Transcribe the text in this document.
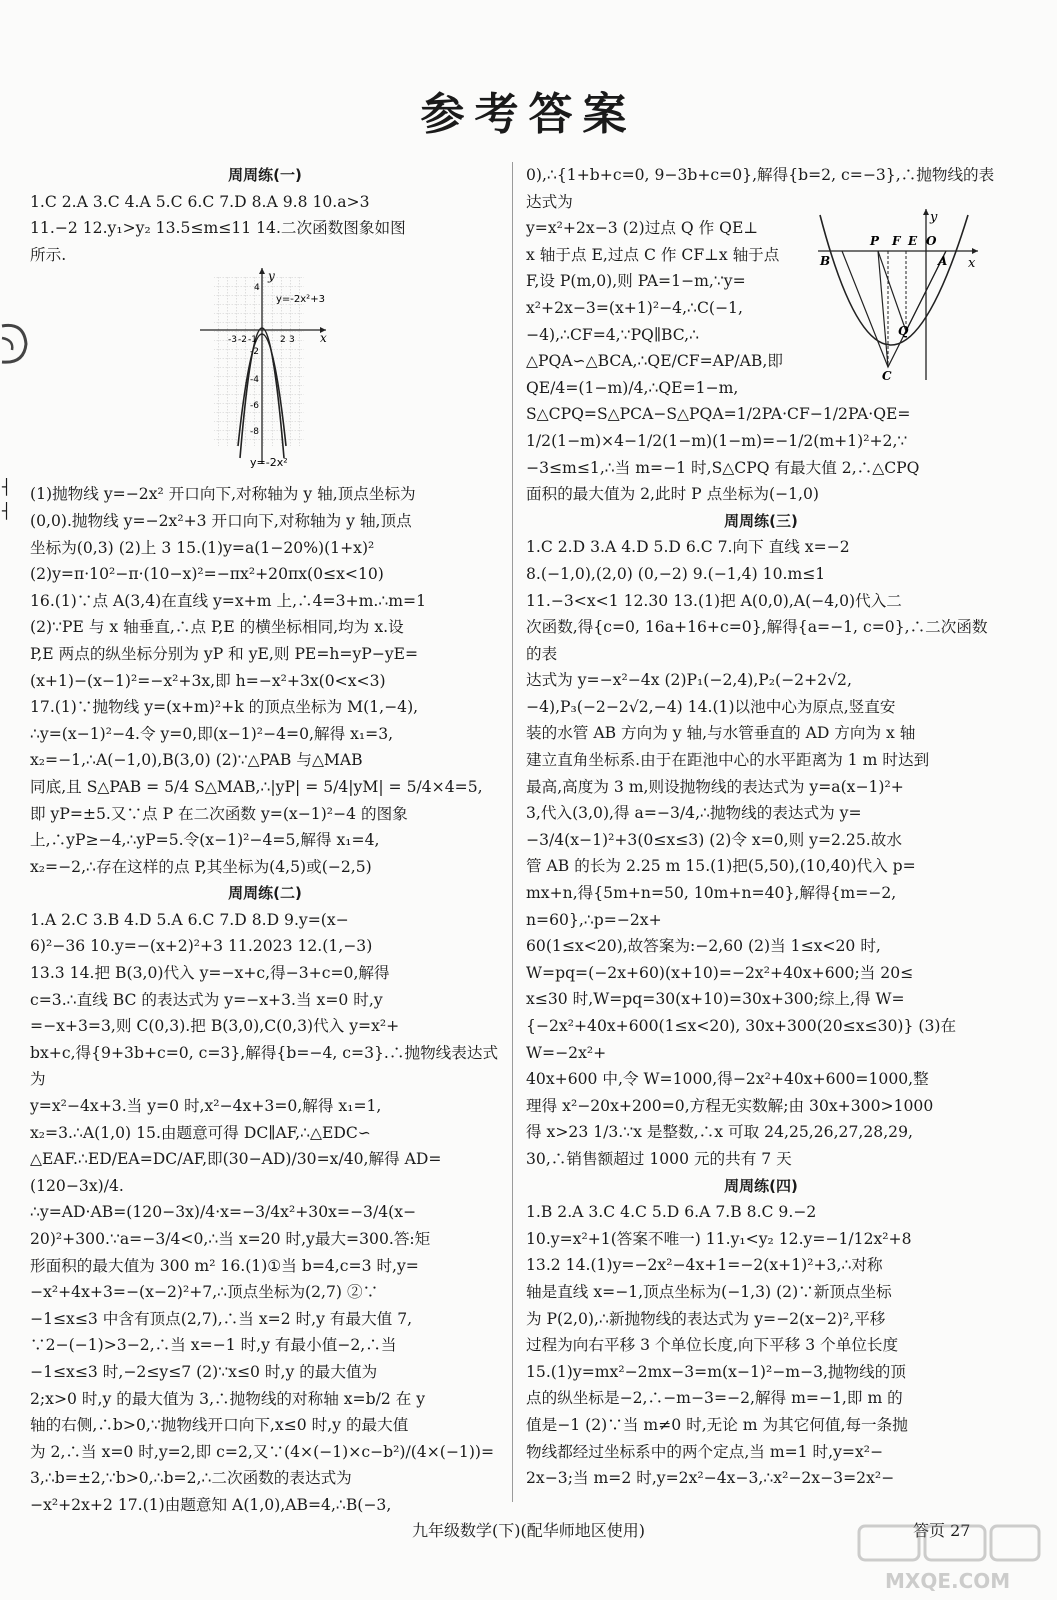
参考答案
┤
┤

周周练(一)

1.C 2.A 3.C 4.A 5.C 6.C 7.D 8.A 9.8 10.a>3

11.−2 12.y₁>y₂ 13.5≤m≤11 14.二次函数图象如图

所示.

(1)抛物线 y=−2x² 开口向下,对称轴为 y 轴,顶点坐标为

(0,0).抛物线 y=−2x²+3 开口向下,对称轴为 y 轴,顶点

坐标为(0,3) (2)上 3 15.(1)y=a(1−20%)(1+x)²

(2)y=π·10²−π·(10−x)²=−πx²+20πx(0≤x<10)

16.(1)∵点 A(3,4)在直线 y=x+m 上,∴4=3+m.∴m=1

(2)∵PE 与 x 轴垂直,∴点 P,E 的横坐标相同,均为 x.设

P,E 两点的纵坐标分别为 yP 和 yE,则 PE=h=yP−yE=

(x+1)−(x−1)²=−x²+3x,即 h=−x²+3x(0<x<3)

17.(1)∵抛物线 y=(x+m)²+k 的顶点坐标为 M(1,−4),

∴y=(x−1)²−4.令 y=0,即(x−1)²−4=0,解得 x₁=3,

x₂=−1,∴A(−1,0),B(3,0) (2)∵△PAB 与△MAB

同底,且 S△PAB = 5/4 S△MAB,∴|yP| = 5/4|yM| = 5/4×4=5,

即 yP=±5.又∵点 P 在二次函数 y=(x−1)²−4 的图象

上,∴yP≥−4,∴yP=5.令(x−1)²−4=5,解得 x₁=4,

x₂=−2,∴存在这样的点 P,其坐标为(4,5)或(−2,5)

周周练(二)

1.A 2.C 3.B 4.D 5.A 6.C 7.D 8.D 9.y=(x−

6)²−36 10.y=−(x+2)²+3 11.2023 12.(1,−3)

13.3 14.把 B(3,0)代入 y=−x+c,得−3+c=0,解得

c=3.∴直线 BC 的表达式为 y=−x+3.当 x=0 时,y

=−x+3=3,则 C(0,3).把 B(3,0),C(0,3)代入 y=x²+

bx+c,得{9+3b+c=0, c=3},解得{b=−4, c=3}.∴抛物线表达式为

y=x²−4x+3.当 y=0 时,x²−4x+3=0,解得 x₁=1,

x₂=3.∴A(1,0) 15.由题意可得 DC∥AF,∴△EDC∽

△EAF.∴ED/EA=DC/AF,即(30−AD)/30=x/40,解得 AD=(120−3x)/4.

∴y=AD·AB=(120−3x)/4·x=−3/4x²+30x=−3/4(x−

20)²+300.∵a=−3/4<0,∴当 x=20 时,y最大=300.答:矩

形面积的最大值为 300 m² 16.(1)①当 b=4,c=3 时,y=

−x²+4x+3=−(x−2)²+7,∴顶点坐标为(2,7) ②∵

−1≤x≤3 中含有顶点(2,7),∴当 x=2 时,y 有最大值 7,

∵2−(−1)>3−2,∴当 x=−1 时,y 有最小值−2,∴当

−1≤x≤3 时,−2≤y≤7 (2)∵x≤0 时,y 的最大值为

2;x>0 时,y 的最大值为 3,∴抛物线的对称轴 x=b/2 在 y

轴的右侧,∴b>0,∵抛物线开口向下,x≤0 时,y 的最大值

为 2,∴当 x=0 时,y=2,即 c=2,又∵(4×(−1)×c−b²)/(4×(−1))=

3,∴b=±2,∵b>0,∴b=2,∴二次函数的表达式为

−x²+2x+2 17.(1)由题意知 A(1,0),AB=4,∴B(−3,

y
x
y=-2x²+3
y=-2x²
-3 -2 -1	2 3
4
-2
-4
-6
-8

0),∴{1+b+c=0, 9−3b+c=0},解得{b=2, c=−3},∴抛物线的表达式为

y=x²+2x−3 (2)过点 Q 作 QE⊥

x 轴于点 E,过点 C 作 CF⊥x 轴于点

F,设 P(m,0),则 PA=1−m,∵y=

x²+2x−3=(x+1)²−4,∴C(−1,

−4),∴CF=4,∵PQ∥BC,∴

△PQA∽△BCA,∴QE/CF=AP/AB,即

QE/4=(1−m)/4,∴QE=1−m,

S△CPQ=S△PCA−S△PQA=1/2PA·CF−1/2PA·QE=

1/2(1−m)×4−1/2(1−m)(1−m)=−1/2(m+1)²+2,∵

−3≤m≤1,∴当 m=−1 时,S△CPQ 有最大值 2,∴△CPQ

面积的最大值为 2,此时 P 点坐标为(−1,0)

周周练(三)

1.C 2.D 3.A 4.D 5.D 6.C 7.向下 直线 x=−2

8.(−1,0),(2,0) (0,−2) 9.(−1,4) 10.m≤1

11.−3<x<1 12.30 13.(1)把 A(0,0),A(−4,0)代入二

次函数,得{c=0, 16a+16+c=0},解得{a=−1, c=0},∴二次函数的表

达式为 y=−x²−4x (2)P₁(−2,4),P₂(−2+2√2,

−4),P₃(−2−2√2,−4) 14.(1)以池中心为原点,竖直安

装的水管 AB 方向为 y 轴,与水管垂直的 AD 方向为 x 轴

建立直角坐标系.由于在距池中心的水平距离为 1 m 时达到

最高,高度为 3 m,则设抛物线的表达式为 y=a(x−1)²+

3,代入(3,0),得 a=−3/4,∴抛物线的表达式为 y=

−3/4(x−1)²+3(0≤x≤3) (2)令 x=0,则 y=2.25.故水

管 AB 的长为 2.25 m 15.(1)把(5,50),(10,40)代入 p=

mx+n,得{5m+n=50, 10m+n=40},解得{m=−2, n=60},∴p=−2x+

60(1≤x<20),故答案为:−2,60 (2)当 1≤x<20 时,

W=pq=(−2x+60)(x+10)=−2x²+40x+600;当 20≤

x≤30 时,W=pq=30(x+10)=30x+300;综上,得 W=

{−2x²+40x+600(1≤x<20), 30x+300(20≤x≤30)} (3)在 W=−2x²+

40x+600 中,令 W=1000,得−2x²+40x+600=1000,整

理得 x²−20x+200=0,方程无实数解;由 30x+300>1000

得 x>23 1/3.∵x 是整数,∴x 可取 24,25,26,27,28,29,

30,∴销售额超过 1000 元的共有 7 天

周周练(四)

1.B 2.A 3.C 4.C 5.D 6.A 7.B 8.C 9.−2

10.y=x²+1(答案不唯一) 11.y₁<y₂ 12.y=−1/12x²+8

13.2 14.(1)y=−2x²−4x+1=−2(x+1)²+3,∴对称

轴是直线 x=−1,顶点坐标为(−1,3) (2)∵新顶点坐标

为 P(2,0),∴新抛物线的表达式为 y=−2(x−2)²,平移

过程为向右平移 3 个单位长度,向下平移 3 个单位长度

15.(1)y=mx²−2mx−3=m(x−1)²−m−3,抛物线的顶

点的纵坐标是−2,∴−m−3=−2,解得 m=−1,即 m 的

值是−1 (2)∵当 m≠0 时,无论 m 为其它何值,每一条抛

物线都经过坐标系中的两个定点,当 m=1 时,y=x²−

2x−3;当 m=2 时,y=2x²−4x−3,∴x²−2x−3=2x²−

y
x
B
P F E O
A
Q
C
九年级数学(下)(配华师地区使用)	答页 27
MXQE.COM
